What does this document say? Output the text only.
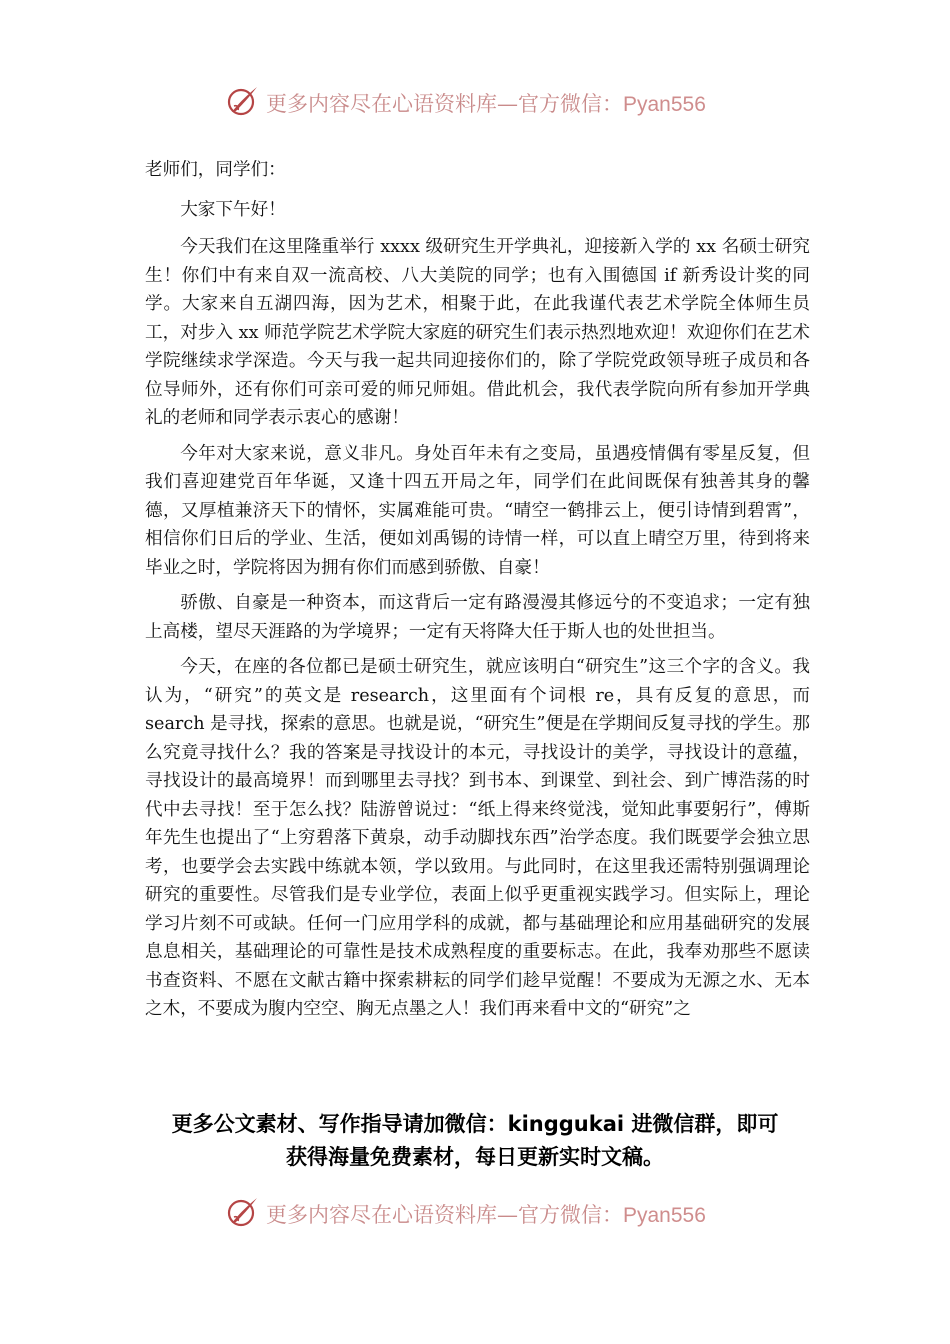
更多内容尽在心语资料库—官方微信：Pyan556

老师们，同学们：

大家下午好！

今天我们在这里隆重举行 xxxx 级研究生开学典礼，迎接新入学的 xx 名硕士研究生！你们中有来自双一流高校、八大美院的同学；也有入围德国 if 新秀设计奖的同学。大家来自五湖四海，因为艺术，相聚于此，在此我谨代表艺术学院全体师生员工，对步入 xx 师范学院艺术学院大家庭的研究生们表示热烈地欢迎！欢迎你们在艺术学院继续求学深造。今天与我一起共同迎接你们的，除了学院党政领导班子成员和各位导师外，还有你们可亲可爱的师兄师姐。借此机会，我代表学院向所有参加开学典礼的老师和同学表示衷心的感谢！

今年对大家来说，意义非凡。身处百年未有之变局，虽遇疫情偶有零星反复，但我们喜迎建党百年华诞，又逢十四五开局之年，同学们在此间既保有独善其身的馨德，又厚植兼济天下的情怀，实属难能可贵。“晴空一鹤排云上，便引诗情到碧霄”，相信你们日后的学业、生活，便如刘禹锡的诗情一样，可以直上晴空万里，待到将来毕业之时，学院将因为拥有你们而感到骄傲、自豪！

骄傲、自豪是一种资本，而这背后一定有路漫漫其修远兮的不变追求；一定有独上高楼，望尽天涯路的为学境界；一定有天将降大任于斯人也的处世担当。

今天，在座的各位都已是硕士研究生，就应该明白“研究生”这三个字的含义。我认为，“研究”的英文是 research，这里面有个词根 re，具有反复的意思，而 search 是寻找，探索的意思。也就是说，“研究生”便是在学期间反复寻找的学生。那么究竟寻找什么？我的答案是寻找设计的本元，寻找设计的美学，寻找设计的意蕴，寻找设计的最高境界！而到哪里去寻找？到书本、到课堂、到社会、到广博浩荡的时代中去寻找！至于怎么找？陆游曾说过：“纸上得来终觉浅，觉知此事要躬行”，傅斯年先生也提出了“上穷碧落下黄泉，动手动脚找东西”治学态度。我们既要学会独立思考，也要学会去实践中练就本领，学以致用。与此同时，在这里我还需特别强调理论研究的重要性。尽管我们是专业学位，表面上似乎更重视实践学习。但实际上，理论学习片刻不可或缺。任何一门应用学科的成就，都与基础理论和应用基础研究的发展息息相关，基础理论的可靠性是技术成熟程度的重要标志。在此，我奉劝那些不愿读书查资料、不愿在文献古籍中探索耕耘的同学们趁早觉醒！不要成为无源之水、无本之木，不要成为腹内空空、胸无点墨之人！我们再来看中文的“研究”之

更多公文素材、写作指导请加微信：kinggukai 进微信群，即可
获得海量免费素材，每日更新实时文稿。
更多内容尽在心语资料库—官方微信：Pyan556
